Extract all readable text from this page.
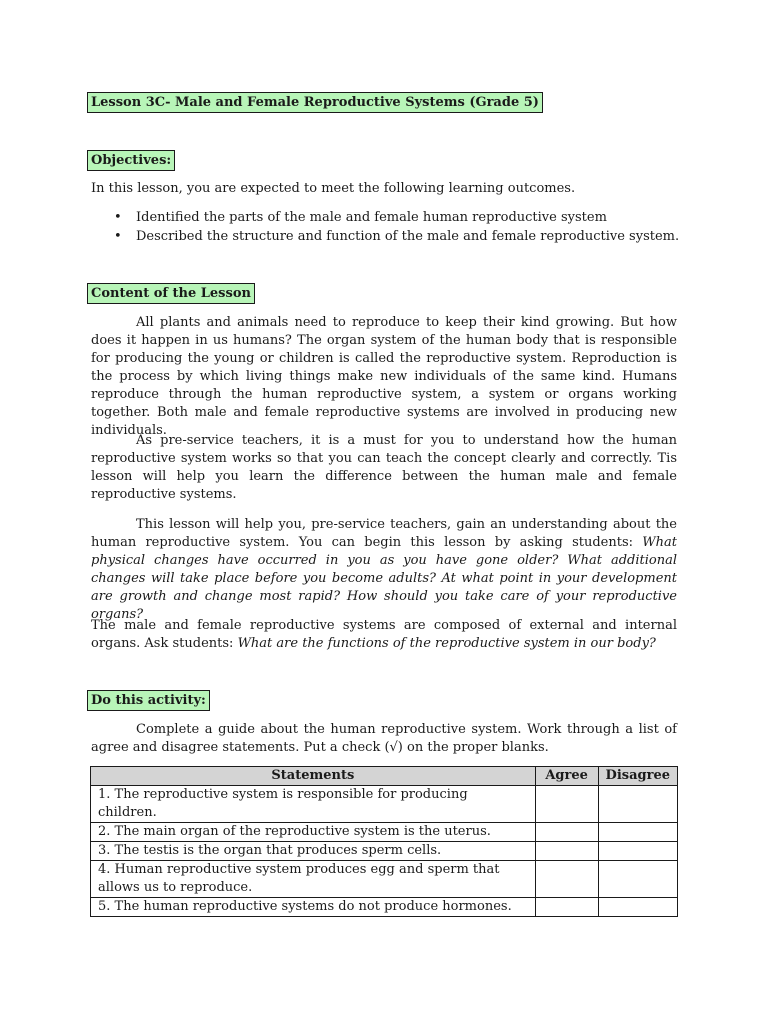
Lesson 3C- Male and Female Reproductive Systems (Grade 5)
Objectives:

In this lesson, you are expected to meet the following learning outcomes.

• Identified the parts of the male and female human reproductive system
• Described the structure and function of the male and female reproductive system.
Content of the Lesson

All plants and animals need to reproduce to keep their kind growing. But how does it happen in us humans? The organ system of the human body that is responsible for producing the young or children is called the reproductive system. Reproduction is the process by which living things make new individuals of the same kind. Humans reproduce through the human reproductive system, a system or organs working together. Both male and female reproductive systems are involved in producing new individuals.

As pre-service teachers, it is a must for you to understand how the human reproductive system works so that you can teach the concept clearly and correctly. Tis lesson will help you learn the difference between the human male and female reproductive systems.

This lesson will help you, pre-service teachers, gain an understanding about the human reproductive system. You can begin this lesson by asking students: What physical changes have occurred in you as you have gone older? What additional changes will take place before you become adults? At what point in your development are growth and change most rapid? How should you take care of your reproductive organs?

The male and female reproductive systems are composed of external and internal organs. Ask students: What are the functions of the reproductive system in our body?

Do this activity:

Complete a guide about the human reproductive system. Work through a list of agree and disagree statements. Put a check (√) on the proper blanks.

Statements	Agree	Disagree
1. The reproductive system is responsible for producing children.		
2. The main organ of the reproductive system is the uterus.		
3. The testis is the organ that produces sperm cells.		
4. Human reproductive system produces egg and sperm that allows us to reproduce.		
5. The human reproductive systems do not produce hormones.		
